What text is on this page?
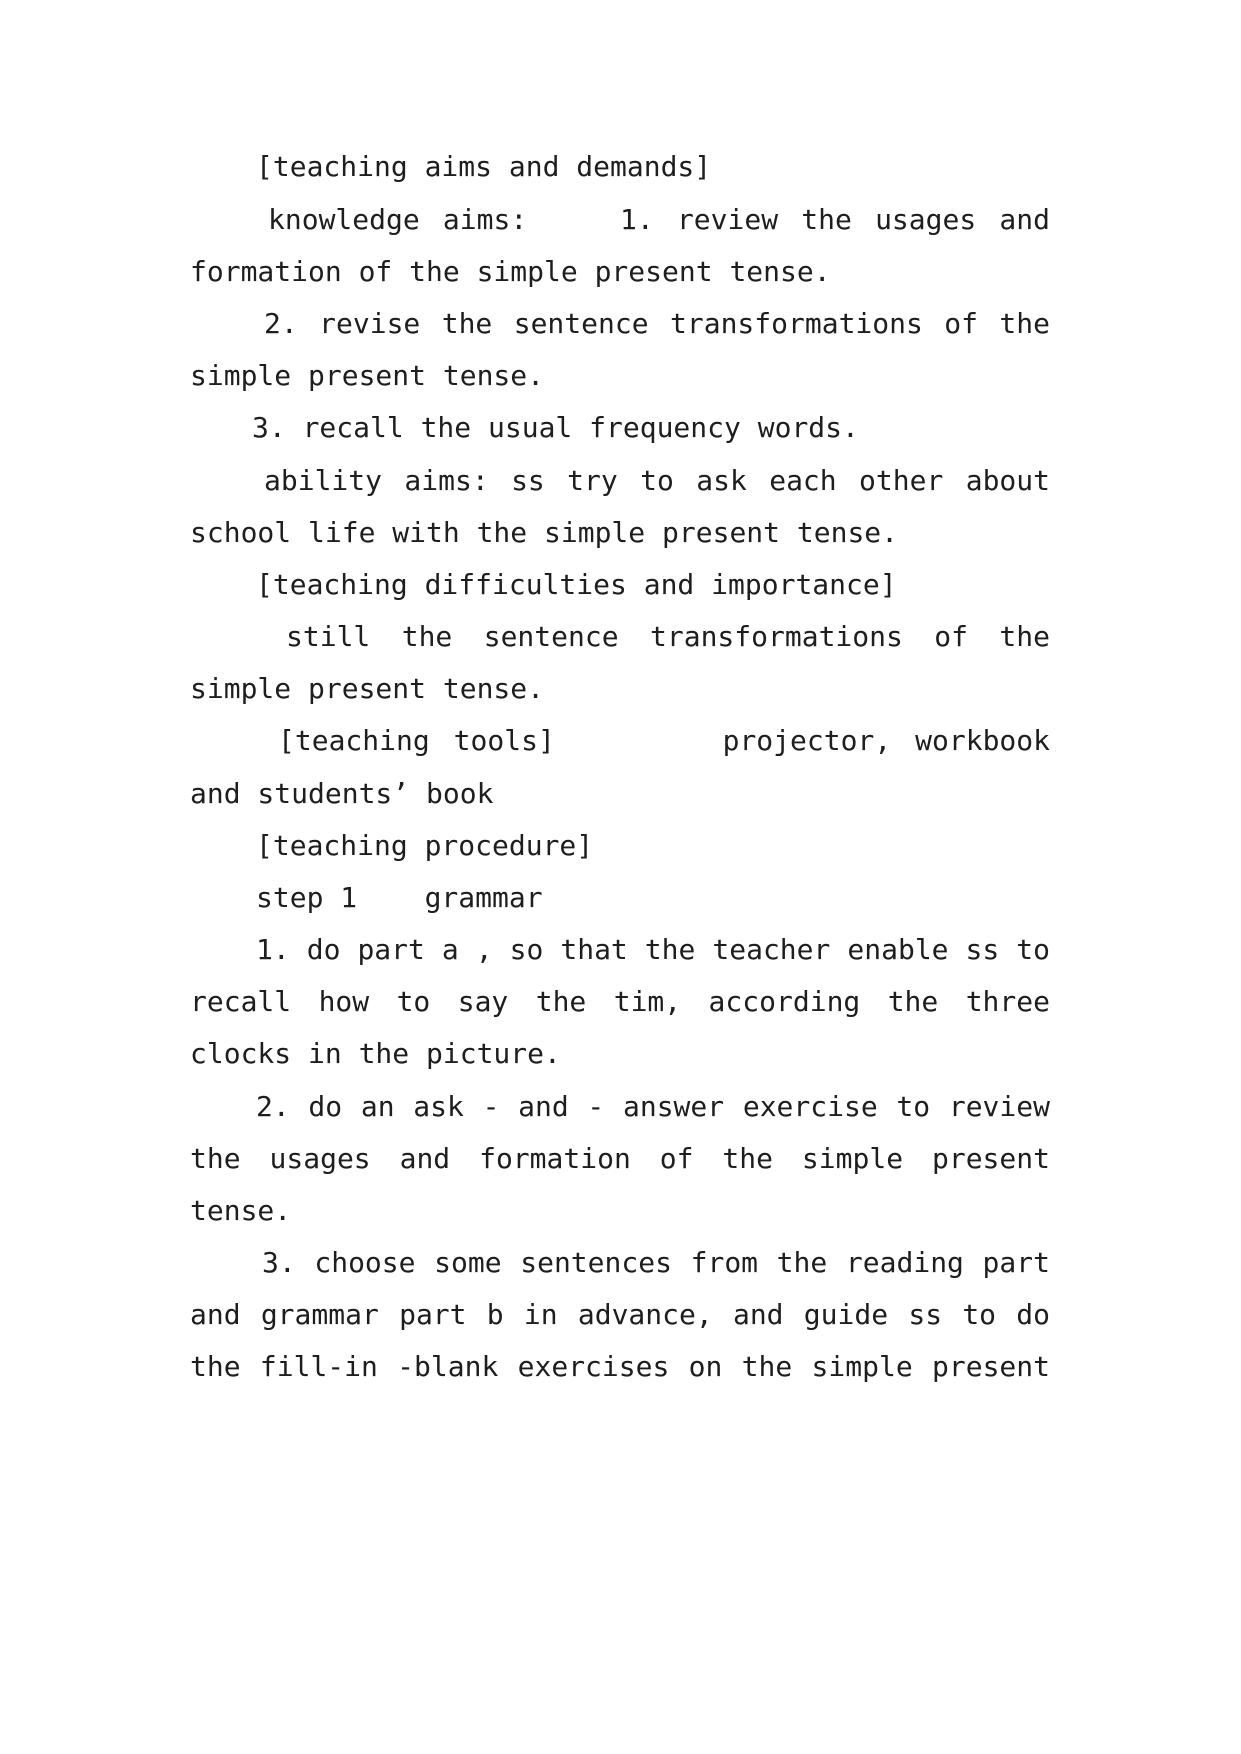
[teaching aims and demands]
knowledge aims:    1. review the usages and
formation of the simple present tense.
2. revise the sentence transformations of the
simple present tense.
3. recall the usual frequency words.
ability aims: ss try to ask each other about
school life with the simple present tense.
[teaching difficulties and importance]
still the sentence transformations of the
simple present tense.
[teaching tools]       projector, workbook
and students’ book
[teaching procedure]
step 1    grammar
1. do part a , so that the teacher enable ss to
recall how to say the tim, according the three
clocks in the picture.
2. do an ask - and - answer exercise to review
the usages and formation of the simple present
tense.
3. choose some sentences from the reading part
and grammar part b in advance, and guide ss to do
the fill-in -blank exercises on the simple present
